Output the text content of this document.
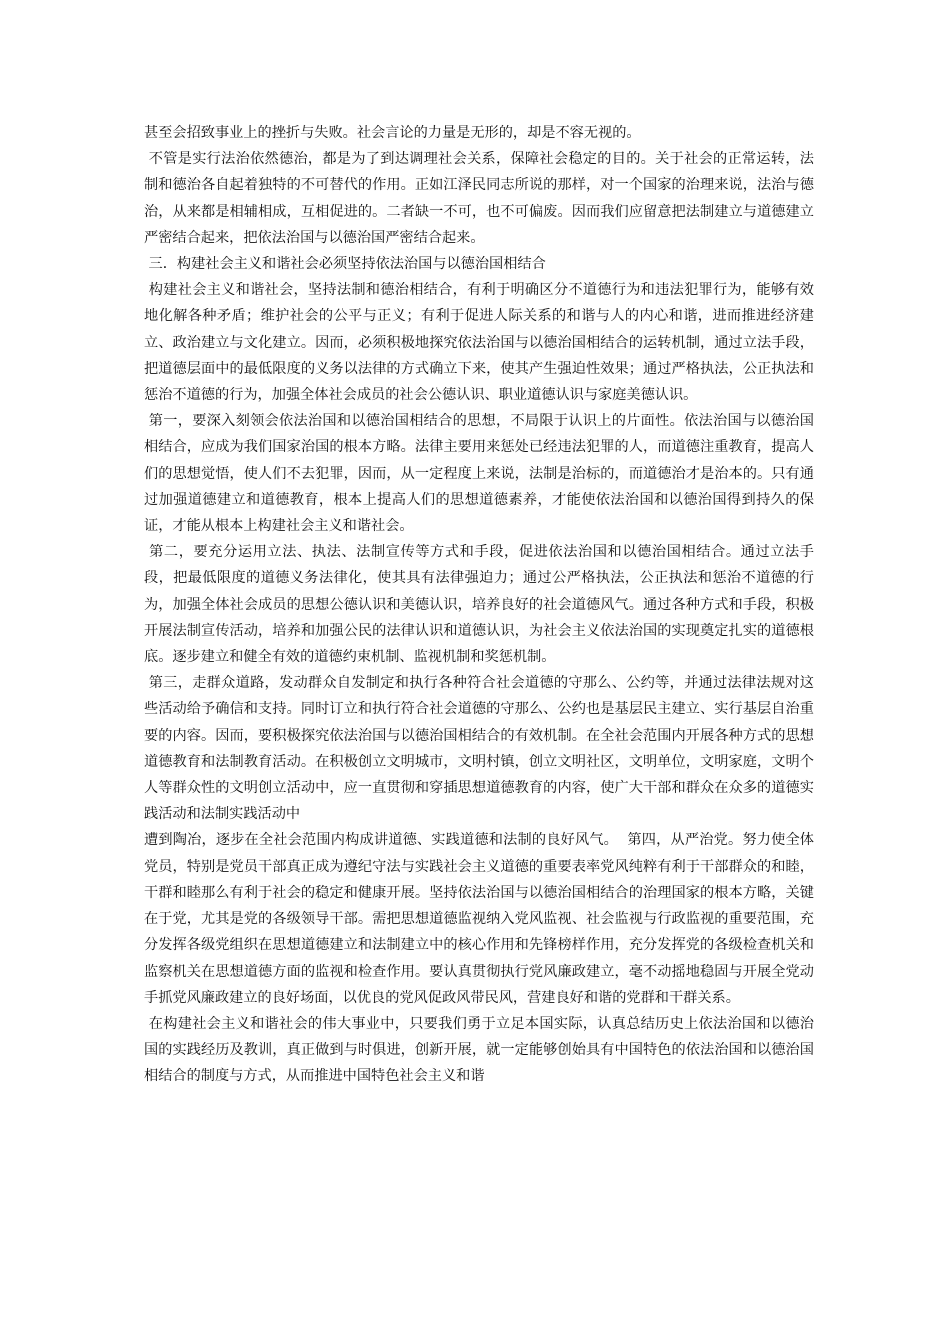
甚至会招致事业上的挫折与失败。社会言论的力量是无形的，却是不容无视的。

不管是实行法治依然德治，都是为了到达调理社会关系，保障社会稳定的目的。关于社会的正常运转，法制和德治各自起着独特的不可替代的作用。正如江泽民同志所说的那样，对一个国家的治理来说，法治与德治，从来都是相辅相成，互相促进的。二者缺一不可，也不可偏废。因而我们应留意把法制建立与道德建立严密结合起来，把依法治国与以德治国严密结合起来。

三．构建社会主义和谐社会必须坚持依法治国与以德治国相结合

构建社会主义和谐社会，坚持法制和德治相结合，有利于明确区分不道德行为和违法犯罪行为，能够有效地化解各种矛盾；维护社会的公平与正义；有利于促进人际关系的和谐与人的内心和谐，进而推进经济建立、政治建立与文化建立。因而，必须积极地探究依法治国与以德治国相结合的运转机制，通过立法手段，把道德层面中的最低限度的义务以法律的方式确立下来，使其产生强迫性效果；通过严格执法，公正执法和惩治不道德的行为，加强全体社会成员的社会公德认识、职业道德认识与家庭美德认识。

第一，要深入刻领会依法治国和以德治国相结合的思想，不局限于认识上的片面性。依法治国与以德治国相结合，应成为我们国家治国的根本方略。法律主要用来惩处已经违法犯罪的人，而道德注重教育，提高人们的思想觉悟，使人们不去犯罪，因而，从一定程度上来说，法制是治标的，而道德治才是治本的。只有通过加强道德建立和道德教育，根本上提高人们的思想道德素养，才能使依法治国和以德治国得到持久的保证，才能从根本上构建社会主义和谐社会。

第二，要充分运用立法、执法、法制宣传等方式和手段，促进依法治国和以德治国相结合。通过立法手段，把最低限度的道德义务法律化，使其具有法律强迫力；通过公严格执法，公正执法和惩治不道德的行为，加强全体社会成员的思想公德认识和美德认识，培养良好的社会道德风气。通过各种方式和手段，积极开展法制宣传活动，培养和加强公民的法律认识和道德认识，为社会主义依法治国的实现奠定扎实的道德根底。逐步建立和健全有效的道德约束机制、监视机制和奖惩机制。

第三，走群众道路，发动群众自发制定和执行各种符合社会道德的守那么、公约等，并通过法律法规对这些活动给予确信和支持。同时订立和执行符合社会道德的守那么、公约也是基层民主建立、实行基层自治重要的内容。因而，要积极探究依法治国与以德治国相结合的有效机制。在全社会范围内开展各种方式的思想道德教育和法制教育活动。在积极创立文明城市，文明村镇，创立文明社区，文明单位，文明家庭，文明个人等群众性的文明创立活动中，应一直贯彻和穿插思想道德教育的内容，使广大干部和群众在众多的道德实践活动和法制实践活动中

遭到陶冶，逐步在全社会范围内构成讲道德、实践道德和法制的良好风气。  第四，从严治党。努力使全体党员，特别是党员干部真正成为遵纪守法与实践社会主义道德的重要表率党风纯粹有利于干部群众的和睦，干群和睦那么有利于社会的稳定和健康开展。坚持依法治国与以德治国相结合的治理国家的根本方略，关键在于党，尤其是党的各级领导干部。需把思想道德监视纳入党风监视、社会监视与行政监视的重要范围，充分发挥各级党组织在思想道德建立和法制建立中的核心作用和先锋榜样作用，充分发挥党的各级检查机关和监察机关在思想道德方面的监视和检查作用。要认真贯彻执行党风廉政建立，毫不动摇地稳固与开展全党动手抓党风廉政建立的良好场面，以优良的党风促政风带民风，营建良好和谐的党群和干群关系。

在构建社会主义和谐社会的伟大事业中，只要我们勇于立足本国实际，认真总结历史上依法治国和以德治国的实践经历及教训，真正做到与时俱进，创新开展，就一定能够创始具有中国特色的依法治国和以德治国相结合的制度与方式，从而推进中国特色社会主义和谐
